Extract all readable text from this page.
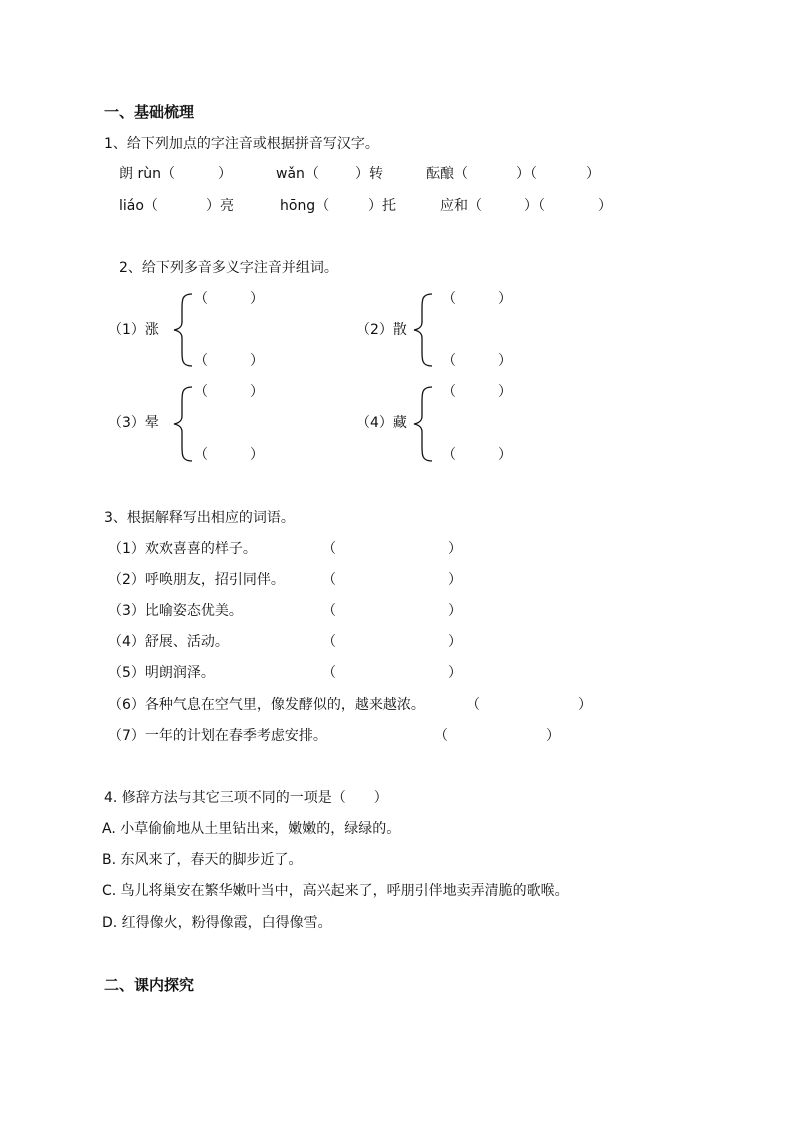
一、基础梳理
1、给下列加点的字注音或根据拼音写汉字。
朗 rùn（	）	wǎn（	）转	酝酿（	）（	）
liáo（	）亮	hōng（	）托	应和（	）（	）
2、给下列多音多义字注音并组词。
（1）涨
（　　　）
（　　　）
（2）散
（　　　）
（　　　）
（3）晕
（　　　）
（　　　）
（4）藏
（　　　）
（　　　）
3、根据解释写出相应的词语。
（1）欢欢喜喜的样子。	（　　　　　　　　）
（2）呼唤朋友，招引同伴。	（　　　　　　　　）
（3）比喻姿态优美。	（　　　　　　　　）
（4）舒展、活动。	（　　　　　　　　）
（5）明朗润泽。	（　　　　　　　　）
（6）各种气息在空气里，像发酵似的，越来越浓。	（　　　　　　　）
（7）一年的计划在春季考虑安排。	（　　　　　　　）
4. 修辞方法与其它三项不同的一项是（　　）
A. 小草偷偷地从土里钻出来，嫩嫩的，绿绿的。
B. 东风来了，春天的脚步近了。
C. 鸟儿将巢安在繁华嫩叶当中，高兴起来了，呼朋引伴地卖弄清脆的歌喉。
D. 红得像火，粉得像霞，白得像雪。
二、课内探究
